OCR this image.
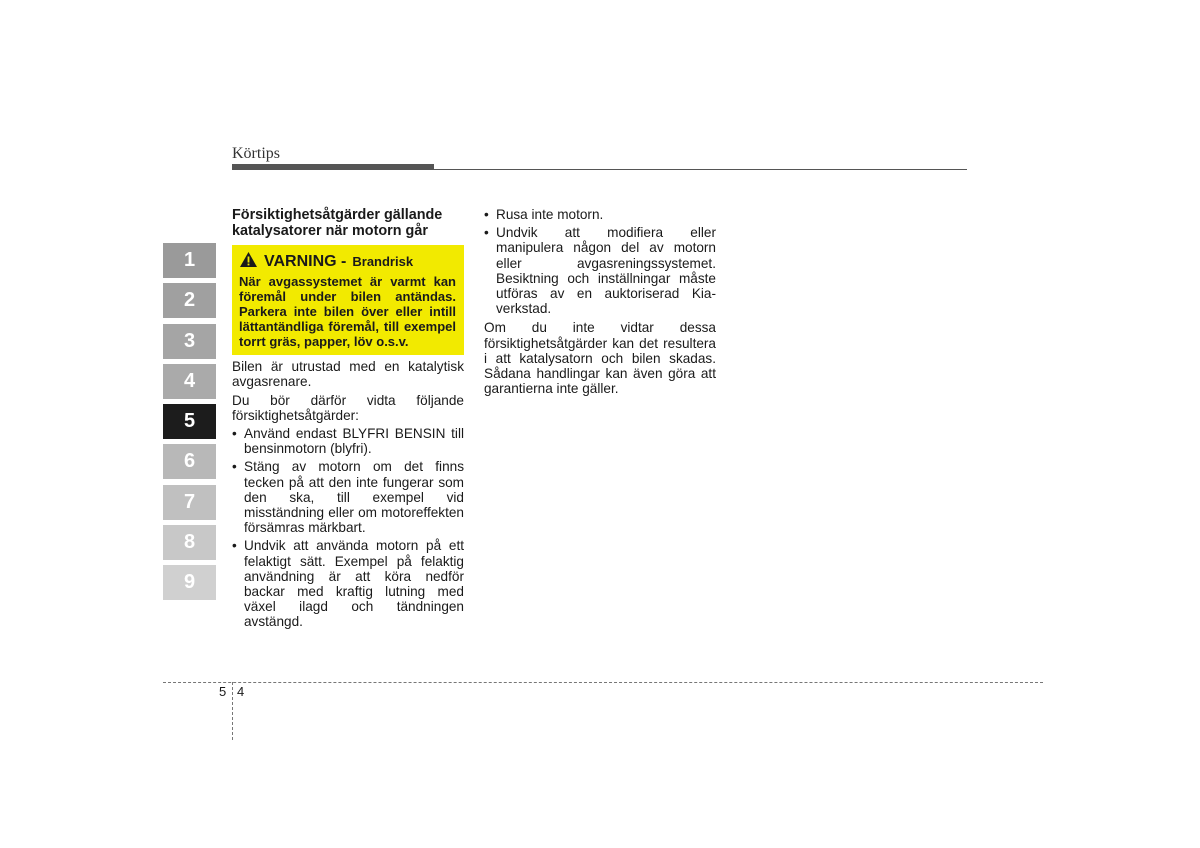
Körtips
1
2
3
4
5
6
7
8
9
Försiktighetsåtgärder gällande katalysatorer när motorn går
VARNING - Brandrisk
När avgassystemet är varmt kan föremål under bilen antändas. Parkera inte bilen över eller intill lättantändliga föremål, till exempel torrt gräs, papper, löv o.s.v.

Bilen är utrustad med en katalytisk avgasrenare.

Du bör därför vidta följande försiktighetsåtgärder:

• Använd endast BLYFRI BENSIN till bensinmotorn (blyfri).
• Stäng av motorn om det finns tecken på att den inte fungerar som den ska, till exempel vid misständning eller om motoreffekten försämras märkbart.
• Undvik att använda motorn på ett felaktigt sätt. Exempel på felaktig användning är att köra nedför backar med kraftig lutning med växel ilagd och tändningen avstängd.
• Rusa inte motorn.
• Undvik att modifiera eller manipulera någon del av motorn eller avgasreningssystemet. Besiktning och inställningar måste utföras av en auktoriserad Kia-verkstad.

Om du inte vidtar dessa försiktighetsåtgärder kan det resultera i att katalysatorn och bilen skadas. Sådana handlingar kan även göra att garantierna inte gäller.

5 4
